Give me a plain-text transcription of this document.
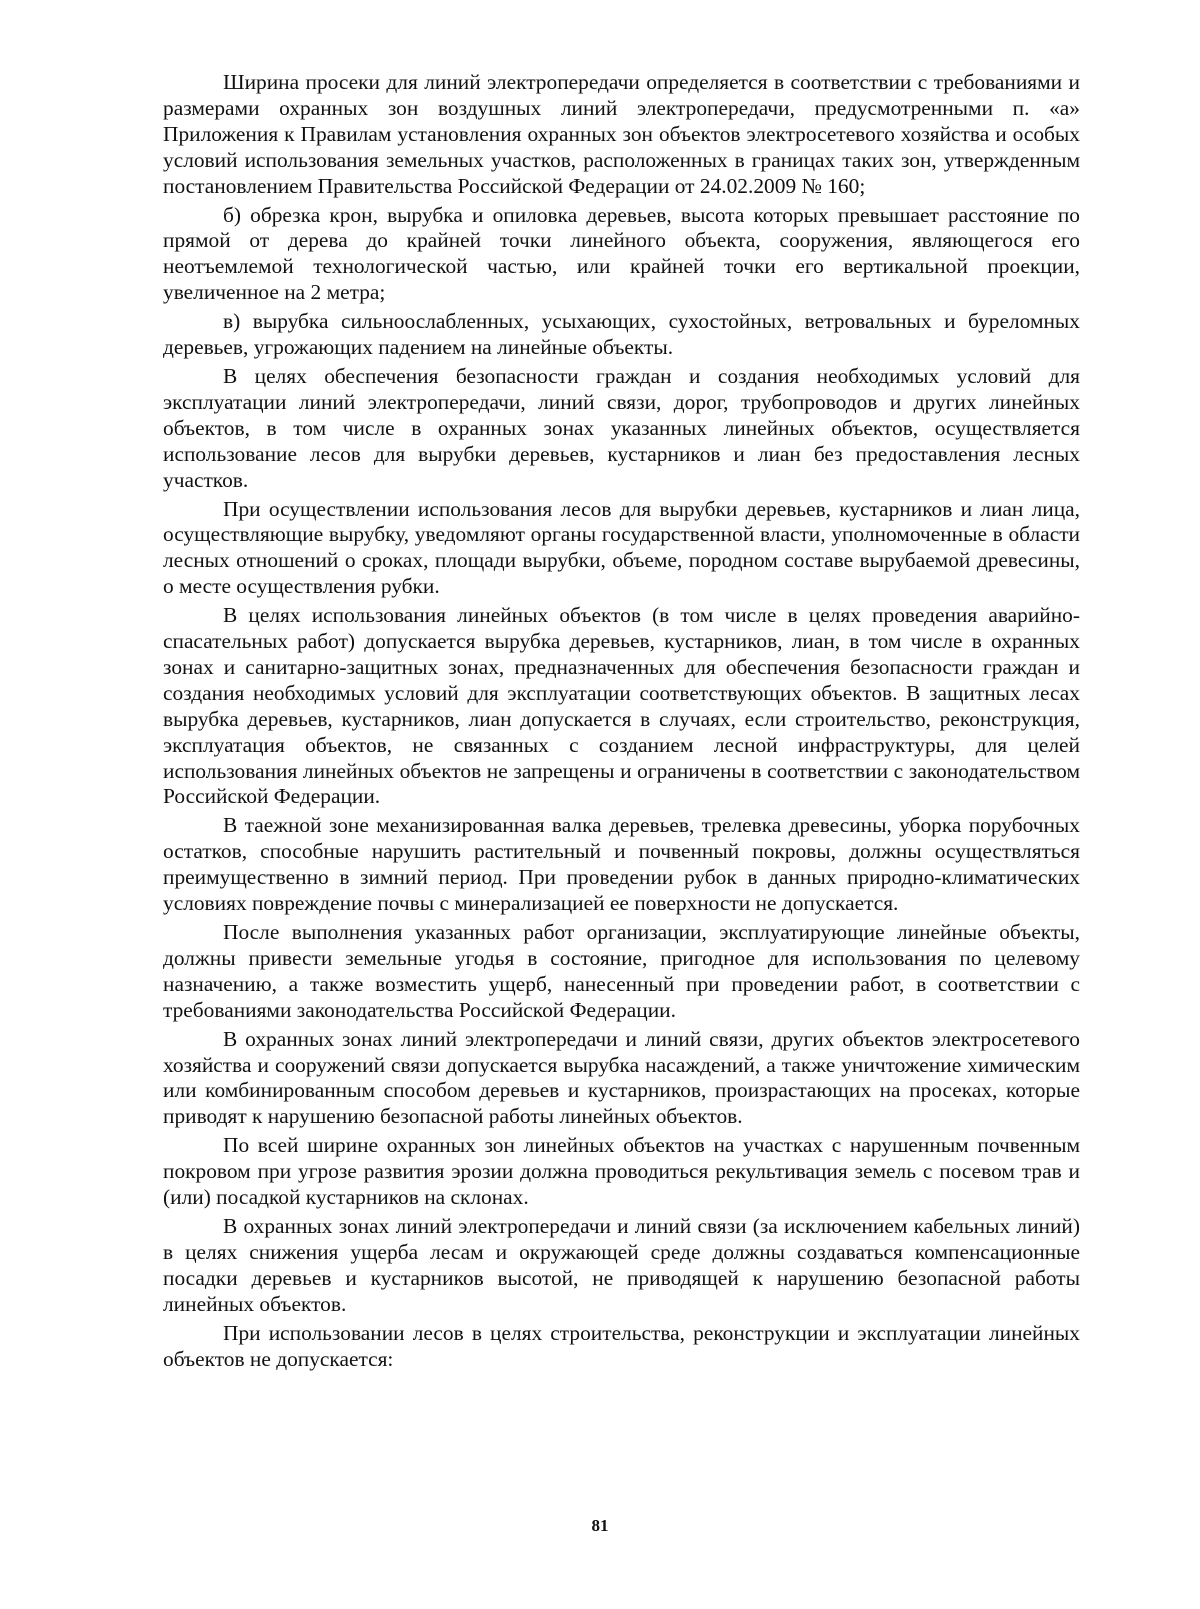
Ширина просеки для линий электропередачи определяется в соответствии с требованиями и размерами охранных зон воздушных линий электропередачи, предусмотренными п. «а» Приложения к Правилам установления охранных зон объектов электросетевого хозяйства и особых условий использования земельных участков, расположенных в границах таких зон, утвержденным постановлением Правительства Российской Федерации от 24.02.2009 № 160;

б) обрезка крон, вырубка и опиловка деревьев, высота которых превышает расстояние по прямой от дерева до крайней точки линейного объекта, сооружения, являющегося его неотъемлемой технологической частью, или крайней точки его вертикальной проекции, увеличенное на 2 метра;

в) вырубка сильноослабленных, усыхающих, сухостойных, ветровальных и буреломных деревьев, угрожающих падением на линейные объекты.

В целях обеспечения безопасности граждан и создания необходимых условий для эксплуатации линий электропередачи, линий связи, дорог, трубопроводов и других линейных объектов, в том числе в охранных зонах указанных линейных объектов, осуществляется использование лесов для вырубки деревьев, кустарников и лиан без предоставления лесных участков.

При осуществлении использования лесов для вырубки деревьев, кустарников и лиан лица, осуществляющие вырубку, уведомляют органы государственной власти, уполномоченные в области лесных отношений о сроках, площади вырубки, объеме, породном составе вырубаемой древесины, о месте осуществления рубки.

В целях использования линейных объектов (в том числе в целях проведения аварийно-спасательных работ) допускается вырубка деревьев, кустарников, лиан, в том числе в охранных зонах и санитарно-защитных зонах, предназначенных для обеспечения безопасности граждан и создания необходимых условий для эксплуатации соответствующих объектов. В защитных лесах вырубка деревьев, кустарников, лиан допускается в случаях, если строительство, реконструкция, эксплуатация объектов, не связанных с созданием лесной инфраструктуры, для целей использования линейных объектов не запрещены и ограничены в соответствии с законодательством Российской Федерации.

В таежной зоне механизированная валка деревьев, трелевка древесины, уборка порубочных остатков, способные нарушить растительный и почвенный покровы, должны осуществляться преимущественно в зимний период. При проведении рубок в данных природно-климатических условиях повреждение почвы с минерализацией ее поверхности не допускается.

После выполнения указанных работ организации, эксплуатирующие линейные объекты, должны привести земельные угодья в состояние, пригодное для использования по целевому назначению, а также возместить ущерб, нанесенный при проведении работ, в соответствии с требованиями законодательства Российской Федерации.

В охранных зонах линий электропередачи и линий связи, других объектов электросетевого хозяйства и сооружений связи допускается вырубка насаждений, а также уничтожение химическим или комбинированным способом деревьев и кустарников, произрастающих на просеках, которые приводят к нарушению безопасной работы линейных объектов.

По всей ширине охранных зон линейных объектов на участках с нарушенным почвенным покровом при угрозе развития эрозии должна проводиться рекультивация земель с посевом трав и (или) посадкой кустарников на склонах.

В охранных зонах линий электропередачи и линий связи (за исключением кабельных линий) в целях снижения ущерба лесам и окружающей среде должны создаваться компенсационные посадки деревьев и кустарников высотой, не приводящей к нарушению безопасной работы линейных объектов.

При использовании лесов в целях строительства, реконструкции и эксплуатации линейных объектов не допускается:

81
